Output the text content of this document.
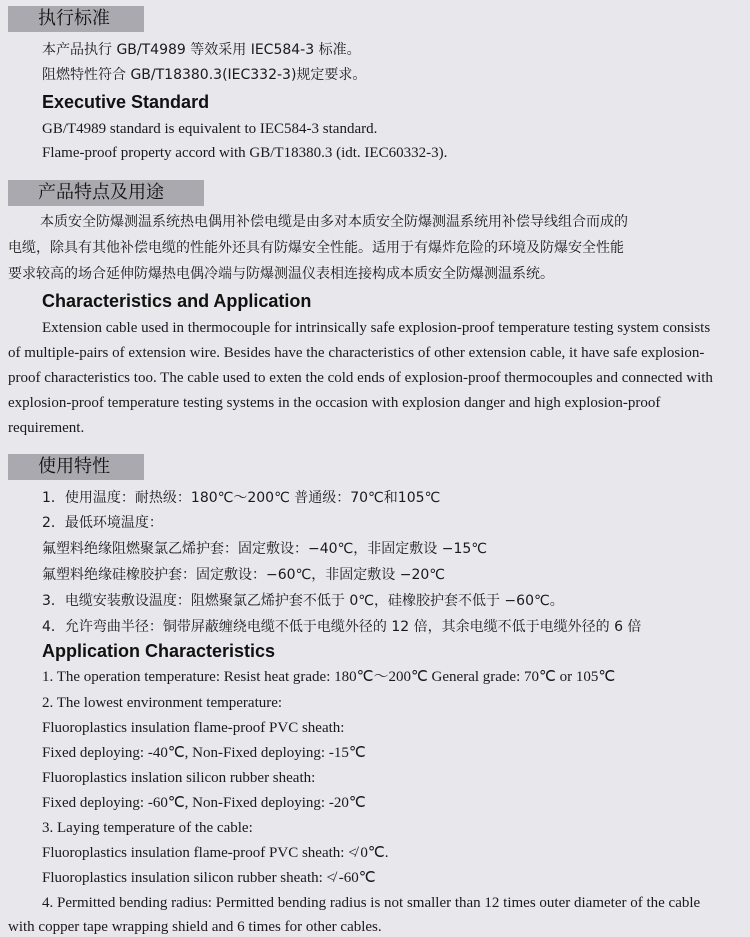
执行标准
本产品执行 GB/T4989 等效采用 IEC584-3 标准。
阻燃特性符合 GB/T18380.3(IEC332-3)规定要求。
Executive Standard
GB/T4989 standard is equivalent to IEC584-3 standard.
Flame-proof property accord with GB/T18380.3 (idt. IEC60332-3).
产品特点及用途
本质安全防爆测温系统热电偶用补偿电缆是由多对本质安全防爆测温系统用补偿导线组合而成的
电缆，除具有其他补偿电缆的性能外还具有防爆安全性能。适用于有爆炸危险的环境及防爆安全性能
要求较高的场合延伸防爆热电偶冷端与防爆测温仪表相连接构成本质安全防爆测温系统。
Characteristics and Application
Extension cable used in thermocouple for intrinsically safe explosion-proof temperature testing system consists
of multiple-pairs of extension wire. Besides have the characteristics of other extension cable, it have safe explosion-
proof characteristics too. The cable used to exten the cold ends of explosion-proof thermocouples and connected with
explosion-proof temperature testing systems in the occasion with explosion danger and high explosion-proof
requirement.
使用特性
1．使用温度：耐热级：180℃～200℃ 普通级：70℃和105℃
2．最低环境温度：
氟塑料绝缘阻燃聚氯乙烯护套：固定敷设：−40℃，非固定敷设 −15℃
氟塑料绝缘硅橡胶护套：固定敷设：−60℃，非固定敷设 −20℃
3．电缆安装敷设温度：阻燃聚氯乙烯护套不低于 0℃，硅橡胶护套不低于 −60℃。
4．允许弯曲半径：铜带屏蔽缠绕电缆不低于电缆外径的 12 倍，其余电缆不低于电缆外径的 6 倍
Application Characteristics
1. The operation temperature: Resist heat grade: 180℃～200℃ General grade: 70℃ or 105℃
2. The lowest environment temperature:
Fluoroplastics insulation flame-proof PVC sheath:
Fixed deploying: -40℃, Non-Fixed deploying: -15℃
Fluoroplastics inslation silicon rubber sheath:
Fixed deploying: -60℃, Non-Fixed deploying: -20℃
3. Laying temperature of the cable:
Fluoroplastics insulation flame-proof PVC sheath: ≮ 0℃.
Fluoroplastics insulation silicon rubber sheath: ≮ -60℃
4. Permitted bending radius: Permitted bending radius is not smaller than 12 times outer diameter of the cable
with copper tape wrapping shield and 6 times for other cables.
